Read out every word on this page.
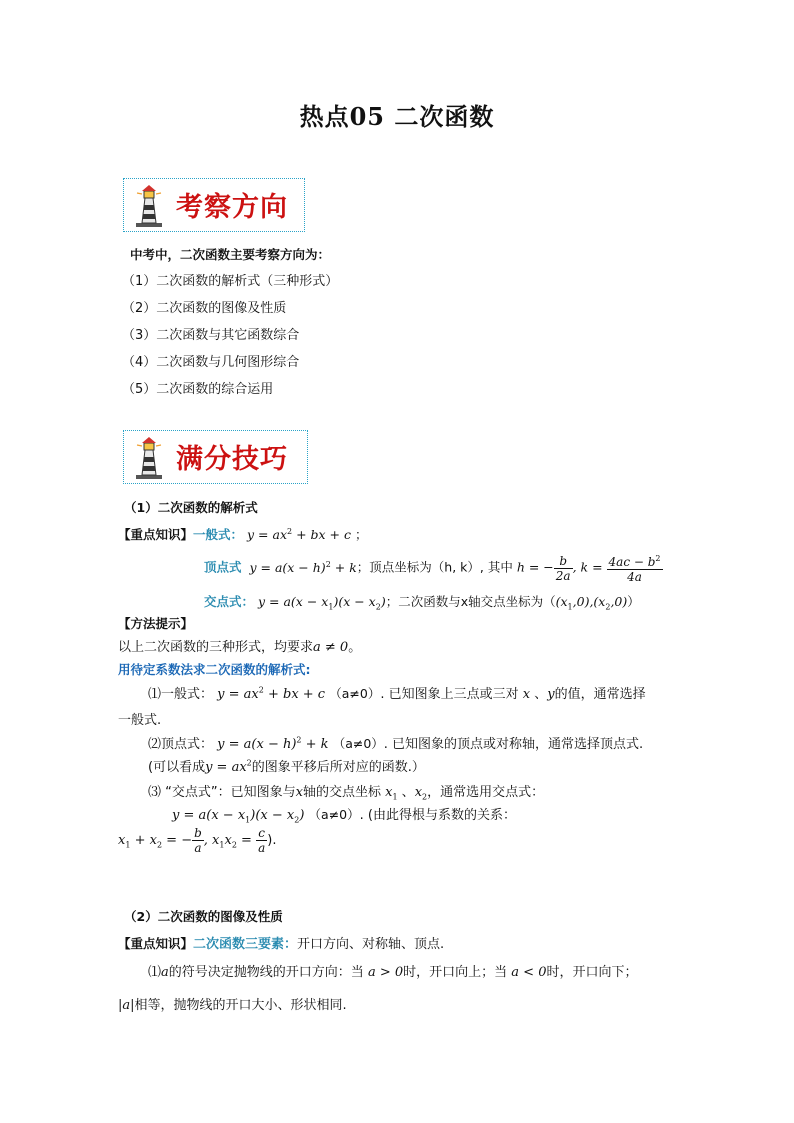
热点05 二次函数
考察方向
中考中，二次函数主要考察方向为：
（1）二次函数的解析式（三种形式）
（2）二次函数的图像及性质
（3）二次函数与其它函数综合
（4）二次函数与几何图形综合
（5）二次函数的综合运用
满分技巧
（1）二次函数的解析式
【重点知识】一般式： $y = ax^2$ + bx + c ；
顶点式 $y = a(x - h)^2 + k$；顶点坐标为（h, k）, 其中 h = − $\frac{b}{2a}$ , $k = \frac{4ac - b^2}{4a}$
交点式： $y = a(x - x_1)(x - x_2)$；二次函数与x轴交点坐标为$((x_1,0),(x_2,0))$
【方法提示】
以上二次函数的三种形式，均要求a ≠ 0。
用待定系数法求二次函数的解析式:
⑴一般式： $y = ax^2$ + bx + c （a≠0）. 已知图象上三点或三对 x 、y的值，通常选择
一般式.
⑵顶点式： $y = a(x - h)^2 + k$ （a≠0）. 已知图象的顶点或对称轴，通常选择顶点式.
(可以看成$y = ax^2$的图象平移后所对应的函数.）
⑶ “交点式”：已知图象与x轴的交点坐标 $x_1$ 、$x_2$，通常选用交点式：
$y = a(x - x_1)(x - x_2)$ （a≠0）. (由此得根与系数的关系：
$x_1 + x_2$ = − $\frac{b}{a}$ , $x_1x_2 = \frac{c}{a}$ ).
（2）二次函数的图像及性质
【重点知识】二次函数三要素：开口方向、对称轴、顶点.
⑴a的符号决定抛物线的开口方向：当 a > 0时，开口向上；当 a < 0时，开口向下；
|a|相等，抛物线的开口大小、形状相同.
